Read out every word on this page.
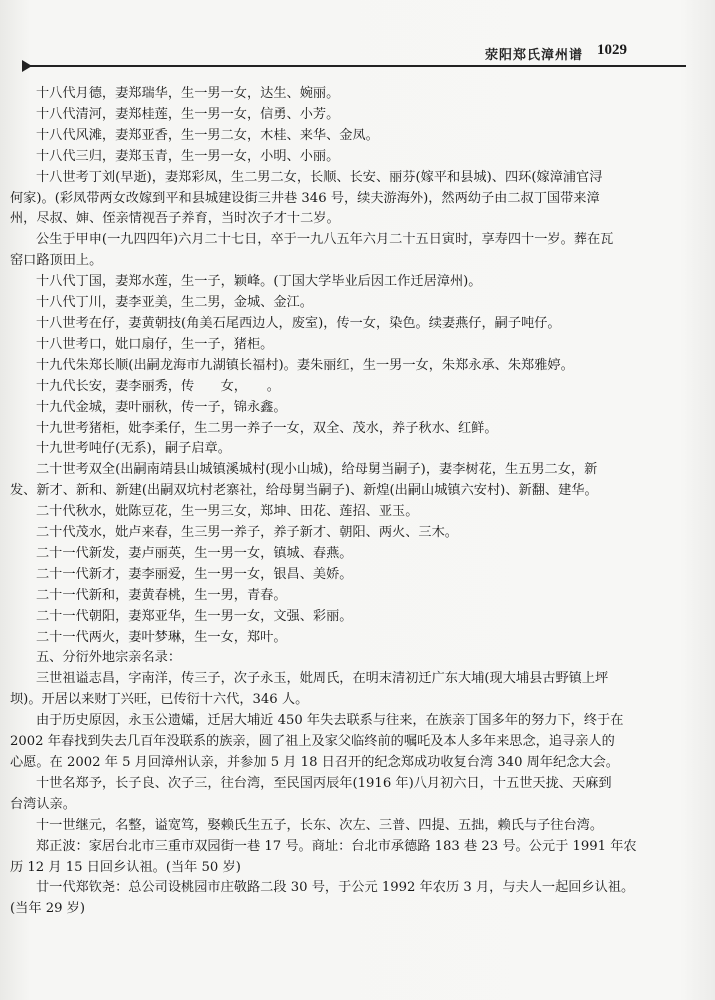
荥阳郑氏漳州谱 1029
十八代月德，妻郑瑞华，生一男一女，达生、婉丽。
十八代清河，妻郑桂莲，生一男一女，信勇、小芳。
十八代风滩，妻郑亚香，生一男二女，木桂、来华、金凤。
十八代三归，妻郑玉青，生一男一女，小明、小丽。
十八世考丁刘(早逝)，妻郑彩凤，生二男二女，长顺、长安、丽芬(嫁平和县城)、四环(嫁漳浦官浔
何家)。(彩凤带两女改嫁到平和县城建设街三井巷 346 号，续夫游海外)，然两幼子由二叔丁国带来漳
州，尽叔、婶、侄亲情视吾子养育，当时次子才十二岁。
公生于甲申(一九四四年)六月二十七日，卒于一九八五年六月二十五日寅时，享寿四十一岁。葬在瓦
窑口路顶田上。
十八代丁国，妻郑水莲，生一子，颖峰。(丁国大学毕业后因工作迁居漳州)。
十八代丁川，妻李亚美，生二男，金城、金江。
十八世考在仔，妻黄朝技(角美石尾西边人，废室)，传一女，染色。续妻燕仔，嗣子吨仔。
十八世考口，妣口扇仔，生一子，猪柜。
十九代朱郑长顺(出嗣龙海市九湖镇长福村)。妻朱丽红，生一男一女，朱郑永承、朱郑雅婷。
十九代长安，妻李丽秀，传　　女，　　。
十九代金城，妻叶丽秋，传一子，锦永鑫。
十九世考猪柜，妣李柔仔，生二男一养子一女，双全、茂水，养子秋水、红鲜。
十九世考吨仔(无系)，嗣子启章。
二十世考双全(出嗣南靖县山城镇溪城村(现小山城)，给母舅当嗣子)，妻李树花，生五男二女，新
发、新才、新和、新建(出嗣双坑村老寨社，给母舅当嗣子)、新煌(出嗣山城镇六安村)、新翻、建华。
二十代秋水，妣陈豆花，生一男三女，郑坤、田花、莲招、亚玉。
二十代茂水，妣卢来春，生三男一养子，养子新才、朝阳、两火、三木。
二十一代新发，妻卢丽英，生一男一女，镇城、春燕。
二十一代新才，妻李丽爱，生一男一女，银昌、美娇。
二十一代新和，妻黄春桃，生一男，青春。
二十一代朝阳，妻郑亚华，生一男一女，文强、彩丽。
二十一代两火，妻叶梦琳，生一女，郑叶。
五、分衍外地宗亲名录：
三世祖谥志昌，字南洋，传三子，次子永玉，妣周氏，在明末清初迁广东大埔(现大埔县古野镇上坪
坝)。开居以来财丁兴旺，已传衍十六代，346 人。
由于历史原因，永玉公遗孀，迁居大埔近 450 年失去联系与往来，在族亲丁国多年的努力下，终于在
2002 年春找到失去几百年没联系的族亲，圆了祖上及家父临终前的嘱吒及本人多年来思念，追寻亲人的
心愿。在 2002 年 5 月回漳州认亲，并参加 5 月 18 日召开的纪念郑成功收复台湾 340 周年纪念大会。
十世名郑予，长子良、次子三，往台湾，至民国丙辰年(1916 年)八月初六日，十五世天拢、天麻到
台湾认亲。
十一世继元，名整，谥宽笃，娶赖氏生五子，长东、次左、三普、四提、五拙，赖氏与子往台湾。
郑正波：家居台北市三重市双园街一巷 17 号。商址：台北市承德路 183 巷 23 号。公元于 1991 年农
历 12 月 15 日回乡认祖。(当年 50 岁)
廿一代郑钦尧：总公司设桃园市庄敬路二段 30 号，于公元 1992 年农历 3 月，与夫人一起回乡认祖。
(当年 29 岁)
